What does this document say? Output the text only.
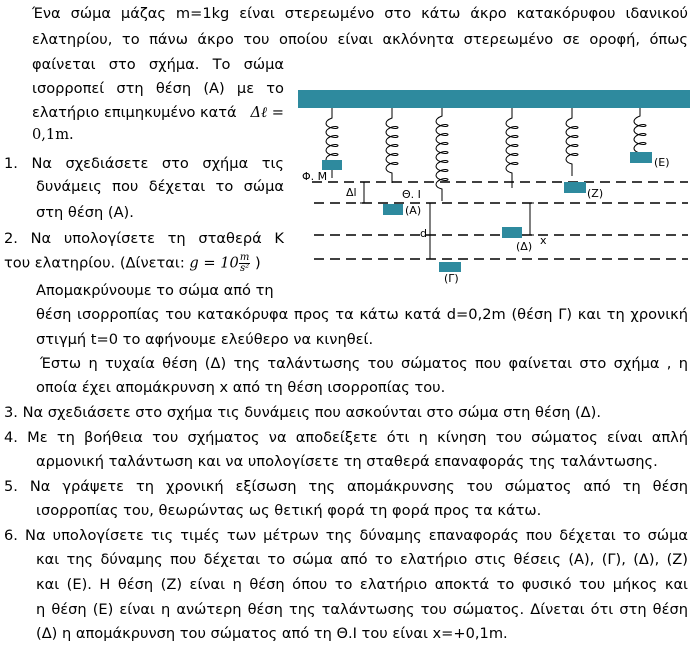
Ένα σώμα μάζας m=1kg είναι στερεωμένο στο κάτω άκρο κατακόρυφου ιδανικού
ελατηρίου, το πάνω άκρο του οποίου είναι ακλόνητα στερεωμένο σε οροφή, όπως
φαίνεται στο σχήμα. Το σώμα
ισορροπεί στη θέση (Α) με το
ελατήριο επιμηκυμένο κατά Δℓ =
0,1m.
1. Να σχεδιάσετε στο σχήμα τις
δυνάμεις που δέχεται το σώμα
στη θέση (Α).
2. Να υπολογίσετε τη σταθερά Κ
του ελατηρίου. (Δίνεται: $g = 10 \frac{m}{\text{s²}}$ )
Απομακρύνουμε το σώμα από τη
θέση ισορροπίας του κατακόρυφα προς τα κάτω κατά d=0,2m (θέση Γ) και τη χρονική
στιγμή t=0 το αφήνουμε ελεύθερο να κινηθεί.
Έστω η τυχαία θέση (Δ) της ταλάντωσης του σώματος που φαίνεται στο σχήμα , η
οποία έχει απομάκρυνση x από τη θέση ισορροπίας του.
3. Να σχεδιάσετε στο σχήμα τις δυνάμεις που ασκούνται στο σώμα στη θέση (Δ).
4. Με τη βοήθεια του σχήματος να αποδείξετε ότι η κίνηση του σώματος είναι απλή
αρμονική ταλάντωση και να υπολογίσετε τη σταθερά επαναφοράς της ταλάντωσης.
5. Να γράψετε τη χρονική εξίσωση της απομάκρυνσης του σώματος από τη θέση
ισορροπίας του, θεωρώντας ως θετική φορά τη φορά προς τα κάτω.
6. Να υπολογίσετε τις τιμές των μέτρων της δύναμης επαναφοράς που δέχεται το σώμα
και της δύναμης που δέχεται το σώμα από το ελατήριο στις θέσεις (Α), (Γ), (Δ), (Ζ)
και (Ε). Η θέση (Ζ) είναι η θέση όπου το ελατήριο αποκτά το φυσικό του μήκος και
η θέση (Ε) είναι η ανώτερη θέση της ταλάντωσης του σώματος. Δίνεται ότι στη θέση
(Δ) η απομάκρυνση του σώματος από τη Θ.Ι του είναι x=+0,1m.
Φ. Μ
Δl	Θ. Ι
(Α)
(Ζ)
x
d
(Δ)
(Γ)
(Ε)
